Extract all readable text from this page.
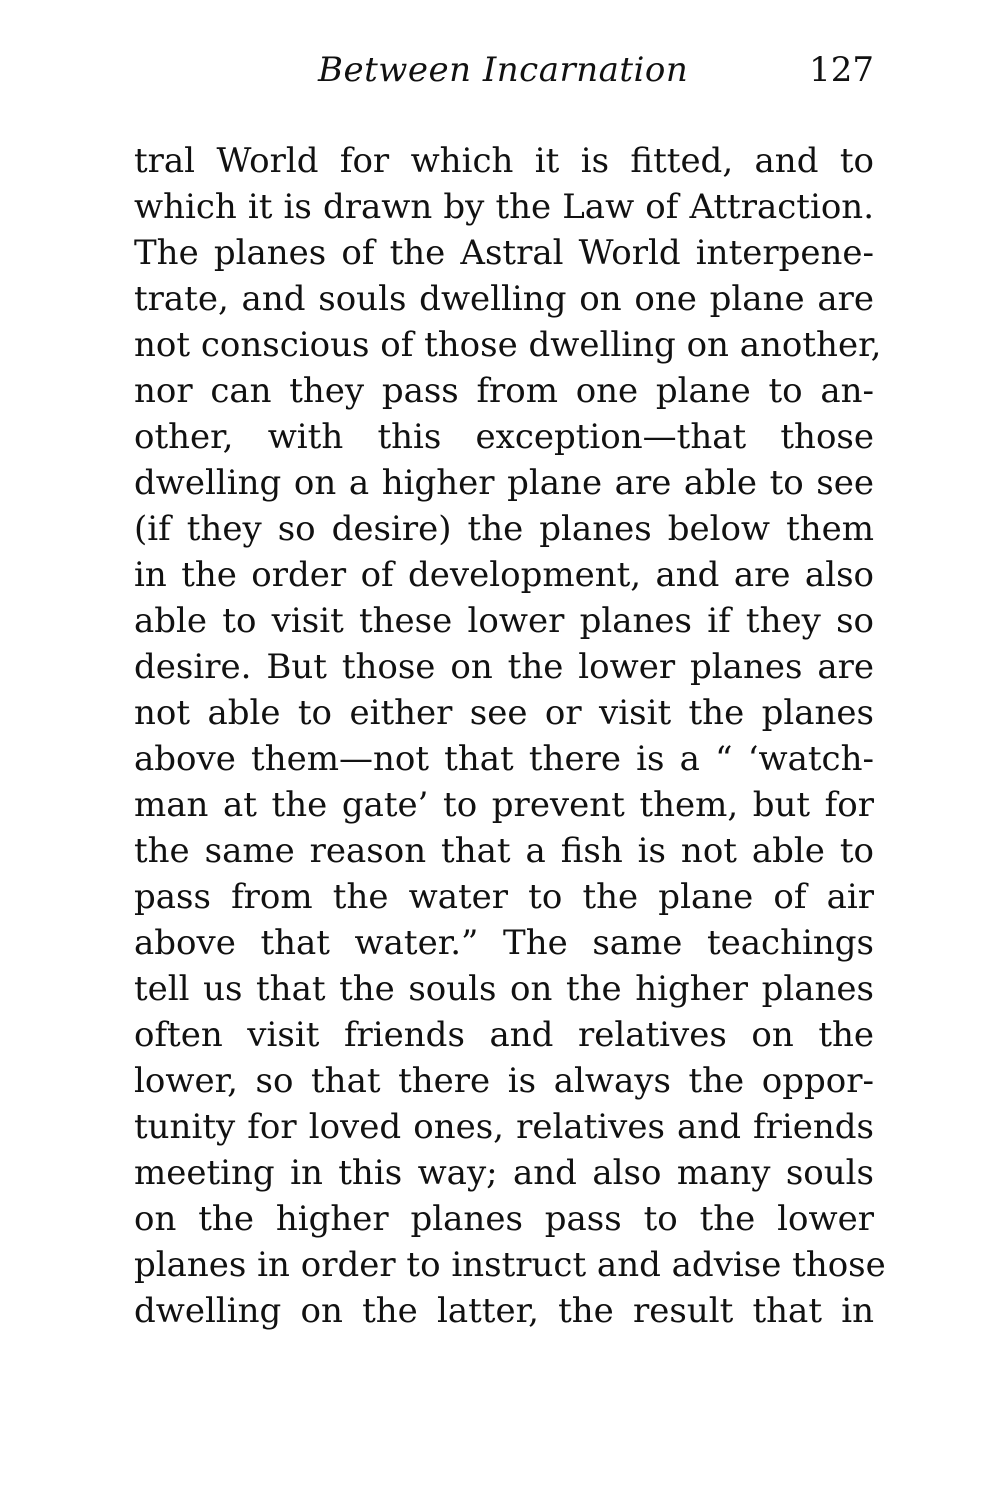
Between Incarnation	127
tral World for which it is fitted, and to
which it is drawn by the Law of Attraction.
The planes of the Astral World interpene-
trate, and souls dwelling on one plane are
not conscious of those dwelling on another,
nor can they pass from one plane to an-
other, with this exception—that those
dwelling on a higher plane are able to see
(if they so desire) the planes below them
in the order of development, and are also
able to visit these lower planes if they so
desire. But those on the lower planes are
not able to either see or visit the planes
above them—not that there is a “ ‘watch-
man at the gate’ to prevent them, but for
the same reason that a fish is not able to
pass from the water to the plane of air
above that water.” The same teachings
tell us that the souls on the higher planes
often visit friends and relatives on the
lower, so that there is always the oppor-
tunity for loved ones, relatives and friends
meeting in this way; and also many souls
on the higher planes pass to the lower
planes in order to instruct and advise those
dwelling on the latter, the result that in
